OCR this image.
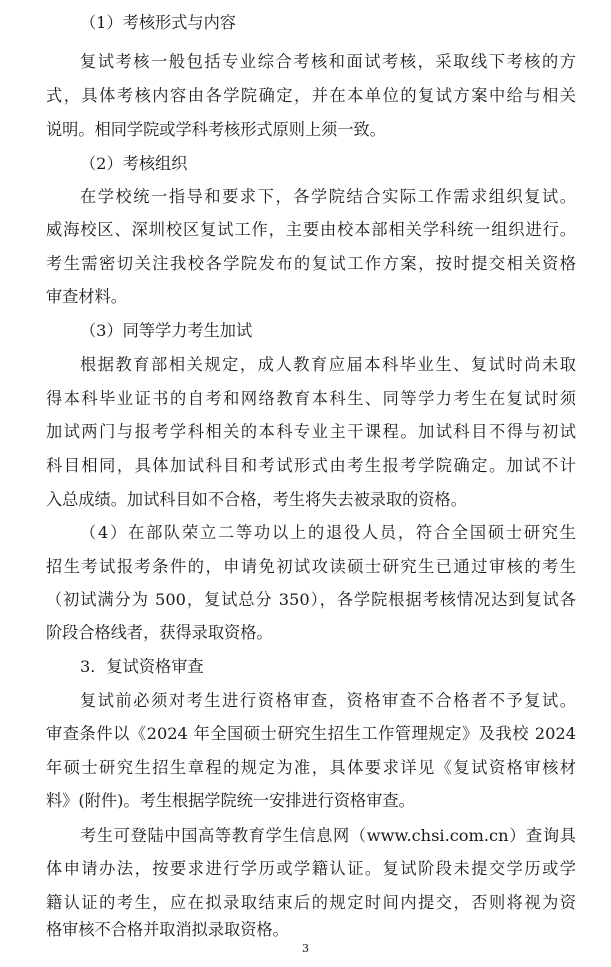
（1）考核形式与内容
复试考核一般包括专业综合考核和面试考核，采取线下考核的方
式，具体考核内容由各学院确定，并在本单位的复试方案中给与相关
说明。相同学院或学科考核形式原则上须一致。
（2）考核组织
在学校统一指导和要求下，各学院结合实际工作需求组织复试。
威海校区、深圳校区复试工作，主要由校本部相关学科统一组织进行。
考生需密切关注我校各学院发布的复试工作方案，按时提交相关资格
审查材料。
（3）同等学力考生加试
根据教育部相关规定，成人教育应届本科毕业生、复试时尚未取
得本科毕业证书的自考和网络教育本科生、同等学力考生在复试时须
加试两门与报考学科相关的本科专业主干课程。加试科目不得与初试
科目相同，具体加试科目和考试形式由考生报考学院确定。加试不计
入总成绩。加试科目如不合格，考生将失去被录取的资格。
（4）在部队荣立二等功以上的退役人员，符合全国硕士研究生
招生考试报考条件的，申请免初试攻读硕士研究生已通过审核的考生
（初试满分为 500，复试总分 350），各学院根据考核情况达到复试各
阶段合格线者，获得录取资格。
3．复试资格审查
复试前必须对考生进行资格审查，资格审查不合格者不予复试。
审查条件以《2024 年全国硕士研究生招生工作管理规定》及我校 2024
年硕士研究生招生章程的规定为准，具体要求详见《复试资格审核材
料》(附件)。考生根据学院统一安排进行资格审查。
考生可登陆中国高等教育学生信息网（www.chsi.com.cn）查询具
体申请办法，按要求进行学历或学籍认证。复试阶段未提交学历或学
籍认证的考生，应在拟录取结束后的规定时间内提交，否则将视为资
格审核不合格并取消拟录取资格。
3
